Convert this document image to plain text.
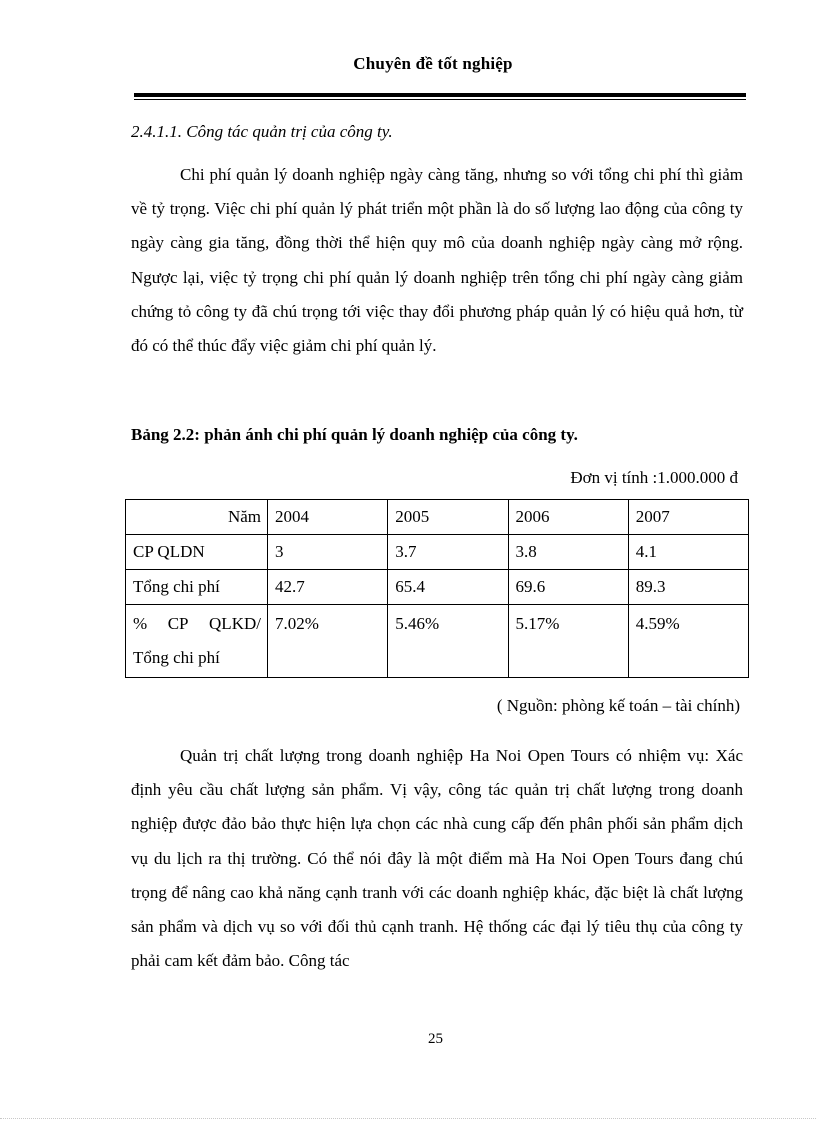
Chuyên đề tốt nghiệp
2.4.1.1. Công tác quản trị của công ty.

Chi phí quản lý doanh nghiệp ngày càng tăng, nhưng so với tổng chi phí thì giảm về tỷ trọng. Việc chi phí quản lý phát triển một phần là do số lượng lao động của công ty ngày càng gia tăng, đồng thời thể hiện quy mô của doanh nghiệp ngày càng mở rộng. Ngược lại, việc tỷ trọng chi phí quản lý doanh nghiệp trên tổng chi phí ngày càng giảm chứng tỏ công ty đã chú trọng tới việc thay đổi phương pháp quản lý có hiệu quả hơn, từ đó có thể thúc đẩy việc giảm chi phí quản lý.

Bảng 2.2: phản ánh chi phí quản lý doanh nghiệp của công ty.
Đơn vị tính :1.000.000 đ
Năm	2004	2005	2006	2007
CP QLDN	3	3.7	3.8	4.1
Tổng chi phí	42.7	65.4	69.6	89.3

% CP QLKD/
Tổng chi phí	7.02%	5.46%	5.17%	4.59%
( Nguồn: phòng kế toán – tài chính)

Quản trị chất lượng trong doanh nghiệp Ha Noi Open Tours có nhiệm vụ: Xác định yêu cầu chất lượng sản phẩm. Vị vậy, công tác quản trị chất lượng trong doanh nghiệp được đảo bảo thực hiện lựa chọn các nhà cung cấp đến phân phối sản phẩm dịch vụ du lịch ra thị trường. Có thể nói đây là một điểm mà Ha Noi Open Tours đang chú trọng để nâng cao khả năng cạnh tranh với các doanh nghiệp khác, đặc biệt là chất lượng sản phẩm và dịch vụ so với đối thủ cạnh tranh. Hệ thống các đại lý tiêu thụ của công ty phải cam kết đảm bảo. Công tác

25
